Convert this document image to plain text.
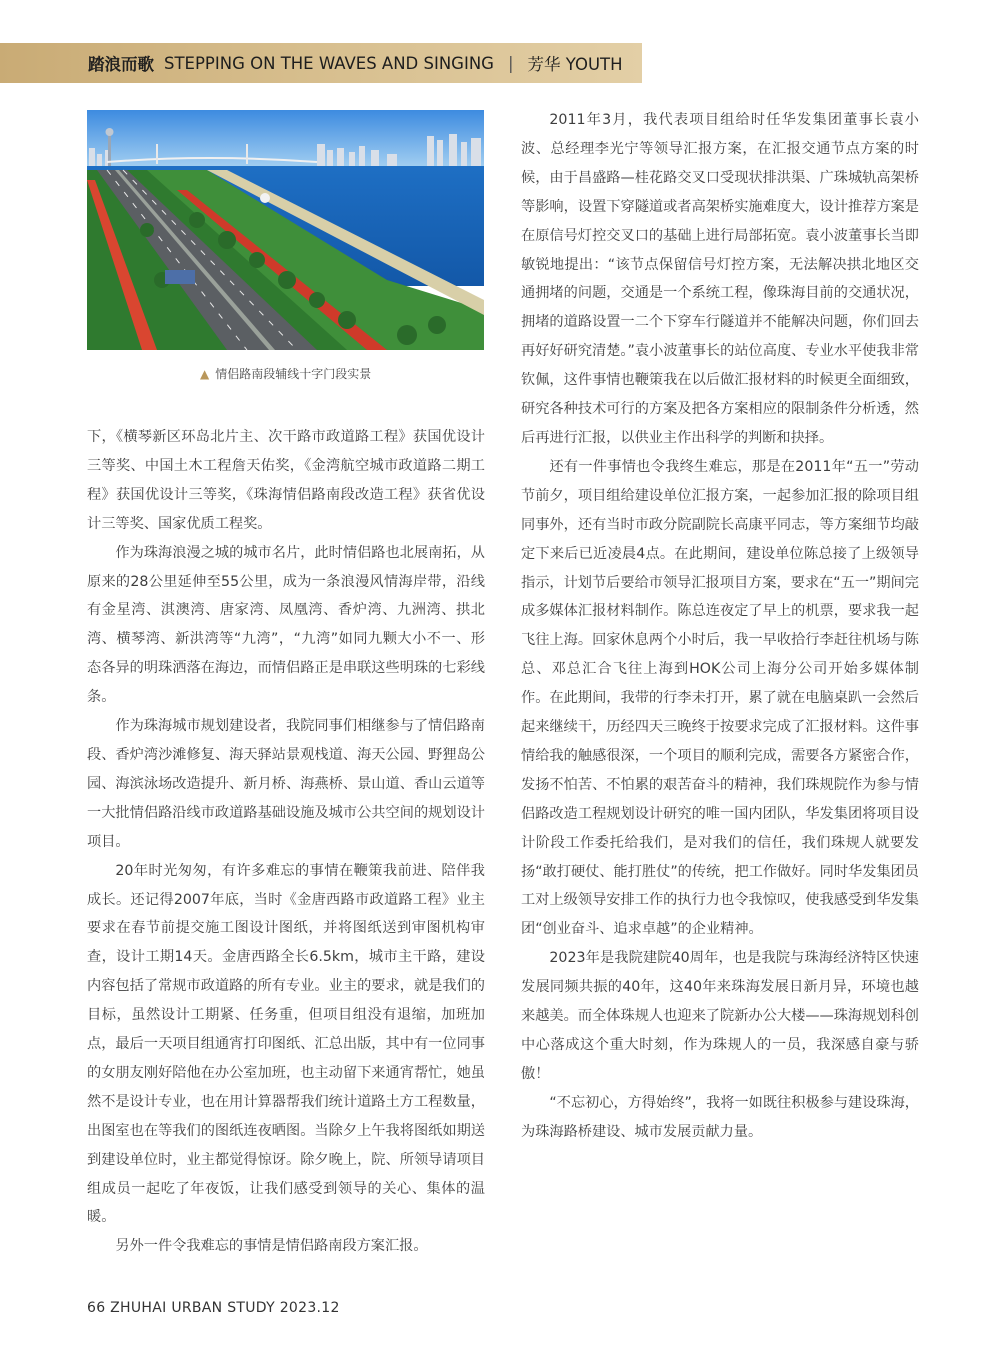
踏浪而歌 STEPPING ON THE WAVES AND SINGING | 芳华 YOUTH
▲ 情侣路南段辅线十字门段实景

下，《横琴新区环岛北片主、次干路市政道路工程》获国优设计三等奖、中国土木工程詹天佑奖，《金湾航空城市政道路二期工程》获国优设计三等奖，《珠海情侣路南段改造工程》获省优设计三等奖、国家优质工程奖。

作为珠海浪漫之城的城市名片，此时情侣路也北展南拓，从原来的28公里延伸至55公里，成为一条浪漫风情海岸带，沿线有金星湾、淇澳湾、唐家湾、凤凰湾、香炉湾、九洲湾、拱北湾、横琴湾、新洪湾等“九湾”，“九湾”如同九颗大小不一、形态各异的明珠洒落在海边，而情侣路正是串联这些明珠的七彩线条。

作为珠海城市规划建设者，我院同事们相继参与了情侣路南段、香炉湾沙滩修复、海天驿站景观栈道、海天公园、野狸岛公园、海滨泳场改造提升、新月桥、海燕桥、景山道、香山云道等一大批情侣路沿线市政道路基础设施及城市公共空间的规划设计项目。

20年时光匆匆，有许多难忘的事情在鞭策我前进、陪伴我成长。还记得2007年底，当时《金唐西路市政道路工程》业主要求在春节前提交施工图设计图纸，并将图纸送到审图机构审查，设计工期14天。金唐西路全长6.5km，城市主干路，建设内容包括了常规市政道路的所有专业。业主的要求，就是我们的目标，虽然设计工期紧、任务重，但项目组没有退缩，加班加点，最后一天项目组通宵打印图纸、汇总出版，其中有一位同事的女朋友刚好陪他在办公室加班，也主动留下来通宵帮忙，她虽然不是设计专业，也在用计算器帮我们统计道路土方工程数量，出图室也在等我们的图纸连夜晒图。当除夕上午我将图纸如期送到建设单位时，业主都觉得惊讶。除夕晚上，院、所领导请项目组成员一起吃了年夜饭，让我们感受到领导的关心、集体的温暖。

另外一件令我难忘的事情是情侣路南段方案汇报。

2011年3月，我代表项目组给时任华发集团董事长袁小波、总经理李光宁等领导汇报方案，在汇报交通节点方案的时候，由于昌盛路—桂花路交叉口受现状排洪渠、广珠城轨高架桥等影响，设置下穿隧道或者高架桥实施难度大，设计推荐方案是在原信号灯控交叉口的基础上进行局部拓宽。袁小波董事长当即敏锐地提出：“该节点保留信号灯控方案，无法解决拱北地区交通拥堵的问题，交通是一个系统工程，像珠海目前的交通状况，拥堵的道路设置一二个下穿车行隧道并不能解决问题，你们回去再好好研究清楚。”袁小波董事长的站位高度、专业水平使我非常钦佩，这件事情也鞭策我在以后做汇报材料的时候更全面细致，研究各种技术可行的方案及把各方案相应的限制条件分析透，然后再进行汇报，以供业主作出科学的判断和抉择。

还有一件事情也令我终生难忘，那是在2011年“五一”劳动节前夕，项目组给建设单位汇报方案，一起参加汇报的除项目组同事外，还有当时市政分院副院长高康平同志，等方案细节均敲定下来后已近凌晨4点。在此期间，建设单位陈总接了上级领导指示，计划节后要给市领导汇报项目方案，要求在“五一”期间完成多媒体汇报材料制作。陈总连夜定了早上的机票，要求我一起飞往上海。回家休息两个小时后，我一早收拾行李赶往机场与陈总、邓总汇合飞往上海到HOK公司上海分公司开始多媒体制作。在此期间，我带的行李未打开，累了就在电脑桌趴一会然后起来继续干，历经四天三晚终于按要求完成了汇报材料。这件事情给我的触感很深，一个项目的顺利完成，需要各方紧密合作，发扬不怕苦、不怕累的艰苦奋斗的精神，我们珠规院作为参与情侣路改造工程规划设计研究的唯一国内团队，华发集团将项目设计阶段工作委托给我们，是对我们的信任，我们珠规人就要发扬“敢打硬仗、能打胜仗”的传统，把工作做好。同时华发集团员工对上级领导安排工作的执行力也令我惊叹，使我感受到华发集团“创业奋斗、追求卓越”的企业精神。

2023年是我院建院40周年，也是我院与珠海经济特区快速发展同频共振的40年，这40年来珠海发展日新月异，环境也越来越美。而全体珠规人也迎来了院新办公大楼——珠海规划科创中心落成这个重大时刻，作为珠规人的一员，我深感自豪与骄傲！

“不忘初心，方得始终”，我将一如既往积极参与建设珠海，为珠海路桥建设、城市发展贡献力量。

66 ZHUHAI URBAN STUDY 2023.12
